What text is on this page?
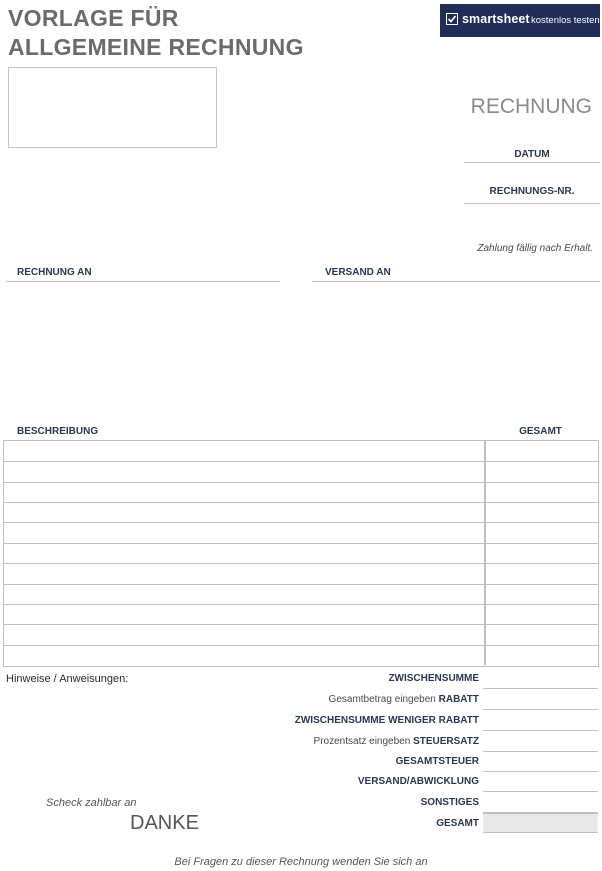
VORLAGE FÜR ALLGEMEINE RECHNUNG
smartsheet kostenlos testen
RECHNUNG
DATUM
RECHNUNGS-NR.
Zahlung fällig nach Erhalt.
RECHNUNG AN	VERSAND AN
BESCHREIBUNG	GESAMT
Hinweise / Anweisungen:	ZWISCHENSUMME
Gesamtbetrag eingeben RABATT
ZWISCHENSUMME WENIGER RABATT
Prozentsatz eingeben STEUERSATZ
GESAMTSTEUER
VERSAND/ABWICKLUNG
SONSTIGES
GESAMT
Scheck zahlbar an
DANKE
Bei Fragen zu dieser Rechnung wenden Sie sich an
